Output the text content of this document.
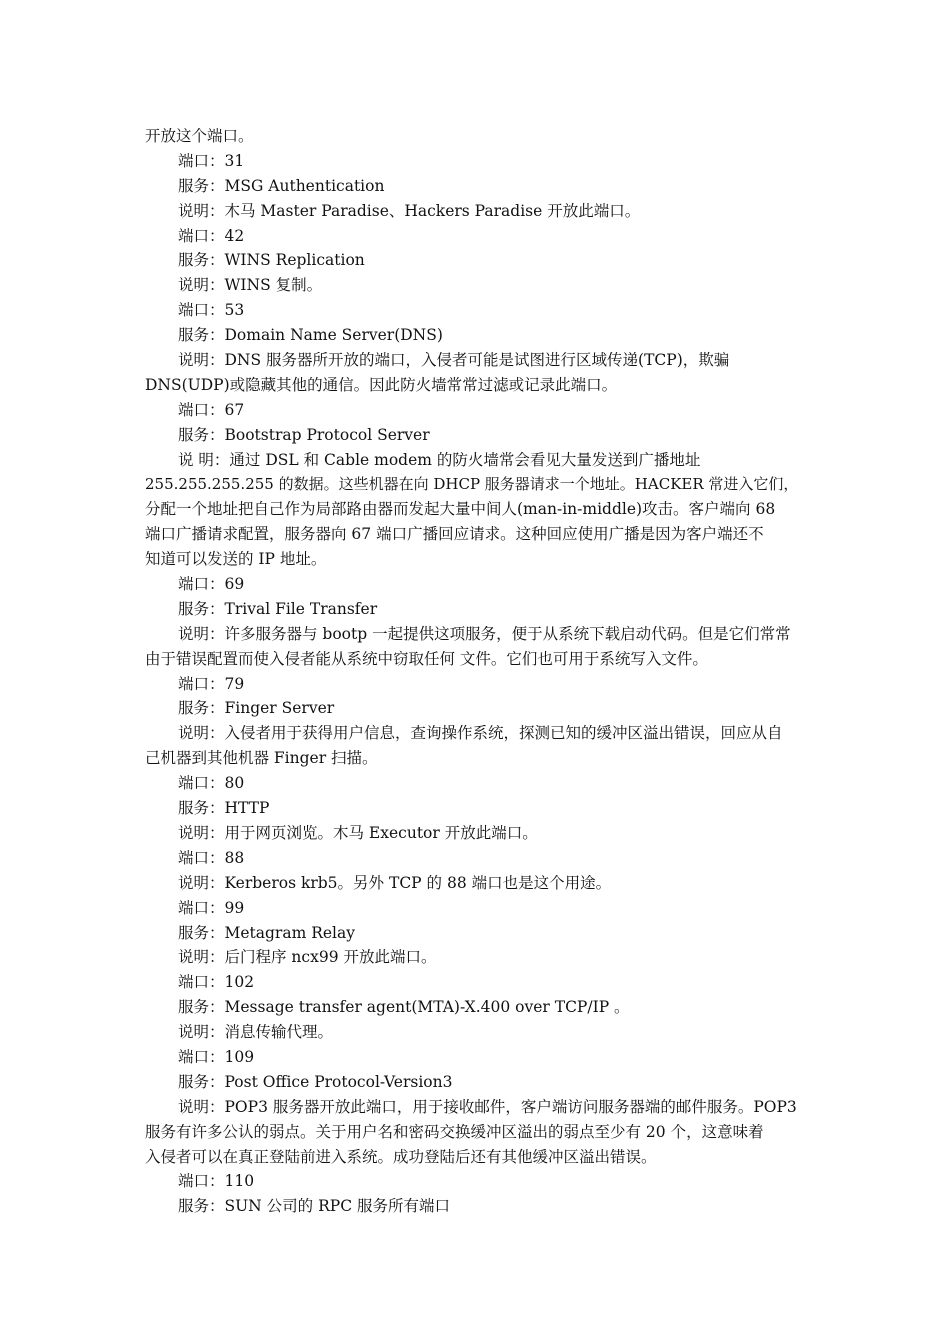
开放这个端口。
端口：31
服务：MSG Authentication
说明：木马 Master Paradise、Hackers Paradise 开放此端口。
端口：42
服务：WINS Replication
说明：WINS 复制。
端口：53
服务：Domain Name Server(DNS)
说明：DNS 服务器所开放的端口，入侵者可能是试图进行区域传递(TCP)，欺骗
DNS(UDP)或隐藏其他的通信。因此防火墙常常过滤或记录此端口。
端口：67
服务：Bootstrap Protocol Server
说 明：通过 DSL 和 Cable modem 的防火墙常会看见大量发送到广播地址
255.255.255.255 的数据。这些机器在向 DHCP 服务器请求一个地址。HACKER 常进入它们，
分配一个地址把自己作为局部路由器而发起大量中间人(man-in-middle)攻击。客户端向 68
端口广播请求配置，服务器向 67 端口广播回应请求。这种回应使用广播是因为客户端还不
知道可以发送的 IP 地址。
端口：69
服务：Trival File Transfer
说明：许多服务器与 bootp 一起提供这项服务，便于从系统下载启动代码。但是它们常常
由于错误配置而使入侵者能从系统中窃取任何 文件。它们也可用于系统写入文件。
端口：79
服务：Finger Server
说明：入侵者用于获得用户信息，查询操作系统，探测已知的缓冲区溢出错误，回应从自
己机器到其他机器 Finger 扫描。
端口：80
服务：HTTP
说明：用于网页浏览。木马 Executor 开放此端口。
端口：88
说明：Kerberos krb5。另外 TCP 的 88 端口也是这个用途。
端口：99
服务：Metagram Relay
说明：后门程序 ncx99 开放此端口。
端口：102
服务：Message transfer agent(MTA)-X.400 over TCP/IP 。
说明：消息传输代理。
端口：109
服务：Post Office Protocol-Version3
说明：POP3 服务器开放此端口，用于接收邮件，客户端访问服务器端的邮件服务。POP3
服务有许多公认的弱点。关于用户名和密码交换缓冲区溢出的弱点至少有 20 个，这意味着
入侵者可以在真正登陆前进入系统。成功登陆后还有其他缓冲区溢出错误。
端口：110
服务：SUN 公司的 RPC 服务所有端口
